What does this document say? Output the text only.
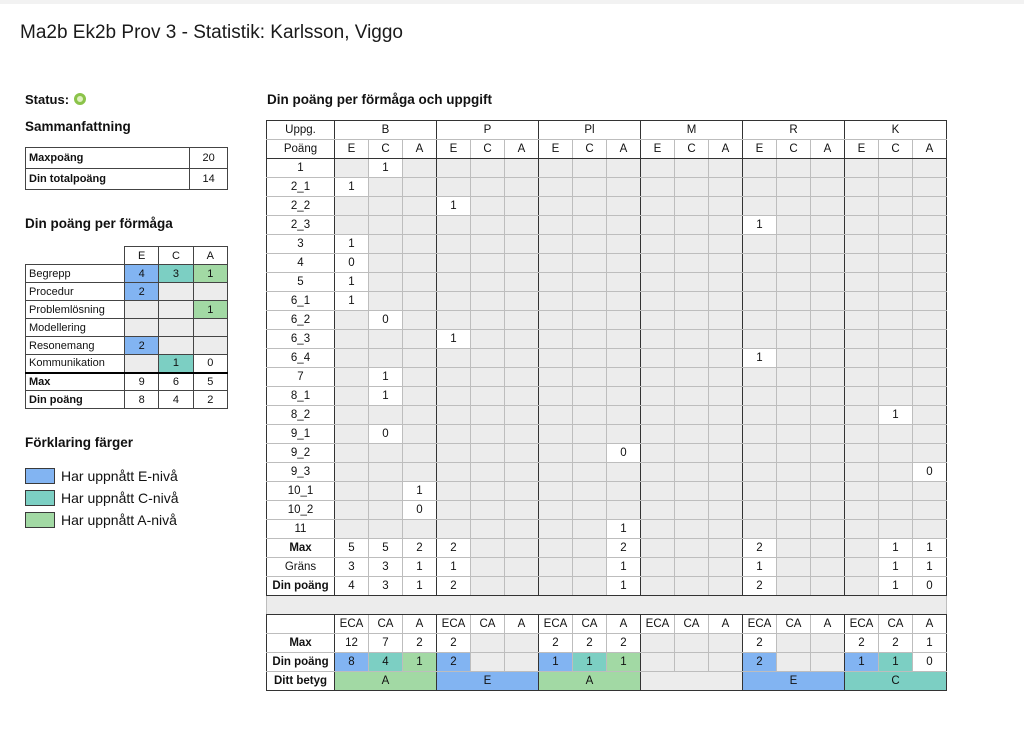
Ma2b Ek2b Prov 3 - Statistik: Karlsson, Viggo
Status:
Sammanfattning
Maxpoäng	20
Din totalpoäng	14
Din poäng per förmåga
	E	C	A
Begrepp	4	3	1
Procedur	2		
Problemlösning			1
Modellering			
Resonemang	2		
Kommunikation		1	0
Max	9	6	5
Din poäng	8	4	2
Förklaring färger
Har uppnått E-nivå
Har uppnått C-nivå
Har uppnått A-nivå
Din poäng per förmåga och uppgift
Uppg.	B			P			Pl			M			R			K		
Poäng	E	C	A	E	C	A	E	C	A	E	C	A	E	C	A	E	C	A
1		1																
2_1	1																	
2_2				1														
2_3													1					
3	1																	
4	0																	
5	1																	
6_1	1																	
6_2		0																
6_3				1														
6_4													1					
7		1																
8_1		1																
8_2																	1	
9_1		0																
9_2									0									
9_3																		0
10_1			1															
10_2			0															
11									1									
Max	5	5	2	2					2				2				1	1
Gräns	3	3	1	1					1				1				1	1
Din poäng	4	3	1	2					1				2				1	0

	ECA	CA	A	ECA	CA	A	ECA	CA	A	ECA	CA	A	ECA	CA	A	ECA	CA	A
Max	12	7	2	2			2	2	2				2			2	2	1
Din poäng	8	4	1	2			1	1	1				2			1	1	0
Ditt betyg	A			E			A						E			C		
